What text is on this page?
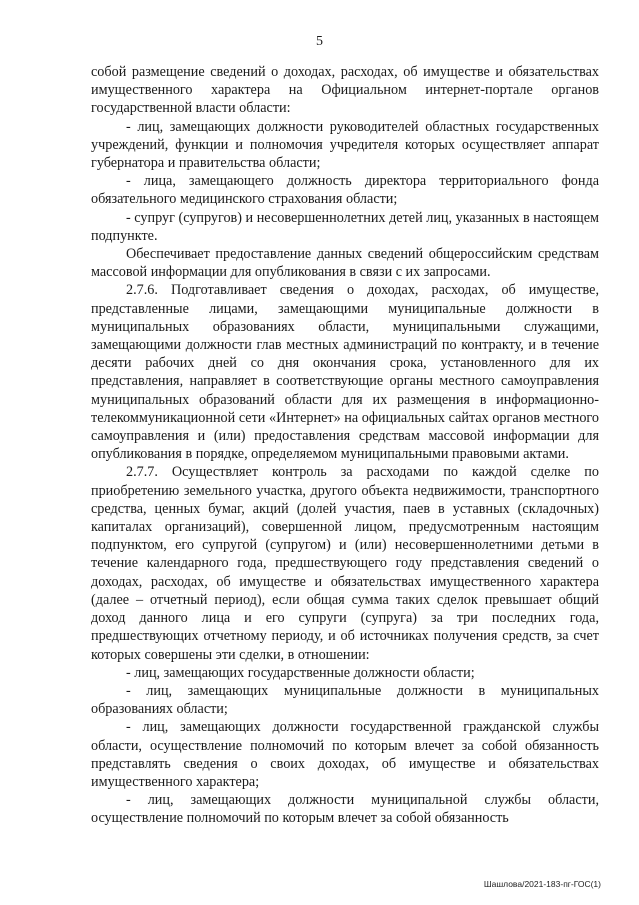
5

собой размещение сведений о доходах, расходах, об имуществе и обязательствах имущественного характера на Официальном интернет-портале органов государственной власти области:

- лиц, замещающих должности руководителей областных государственных учреждений, функции и полномочия учредителя которых осуществляет аппарат губернатора и правительства области;

- лица, замещающего должность директора территориального фонда обязательного медицинского страхования области;

- супруг (супругов) и несовершеннолетних детей лиц, указанных в настоящем подпункте.

Обеспечивает предоставление данных сведений общероссийским средствам массовой информации для опубликования в связи с их запросами.

2.7.6. Подготавливает сведения о доходах, расходах, об имуществе, представленные лицами, замещающими муниципальные должности в муниципальных образованиях области, муниципальными служащими, замещающими должности глав местных администраций по контракту, и в течение десяти рабочих дней со дня окончания срока, установленного для их представления, направляет в соответствующие органы местного самоуправления муниципальных образований области для их размещения в информационно-телекоммуникационной сети «Интернет» на официальных сайтах органов местного самоуправления и (или) предоставления средствам массовой информации для опубликования в порядке, определяемом муниципальными правовыми актами.

2.7.7. Осуществляет контроль за расходами по каждой сделке по приобретению земельного участка, другого объекта недвижимости, транспортного средства, ценных бумаг, акций (долей участия, паев в уставных (складочных) капиталах организаций), совершенной лицом, предусмотренным настоящим подпунктом, его супругой (супругом) и (или) несовершеннолетними детьми в течение календарного года, предшествующего году представления сведений о доходах, расходах, об имуществе и обязательствах имущественного характера (далее – отчетный период), если общая сумма таких сделок превышает общий доход данного лица и его супруги (супруга) за три последних года, предшествующих отчетному периоду, и об источниках получения средств, за счет которых совершены эти сделки, в отношении:

- лиц, замещающих государственные должности области;

- лиц, замещающих муниципальные должности в муниципальных образованиях области;

- лиц, замещающих должности государственной гражданской службы области, осуществление полномочий по которым влечет за собой обязанность представлять сведения о своих доходах, об имуществе и обязательствах имущественного характера;

- лиц, замещающих должности муниципальной службы области, осуществление полномочий по которым влечет за собой обязанность

Шашлова/2021-183-пг-ГОС(1)
